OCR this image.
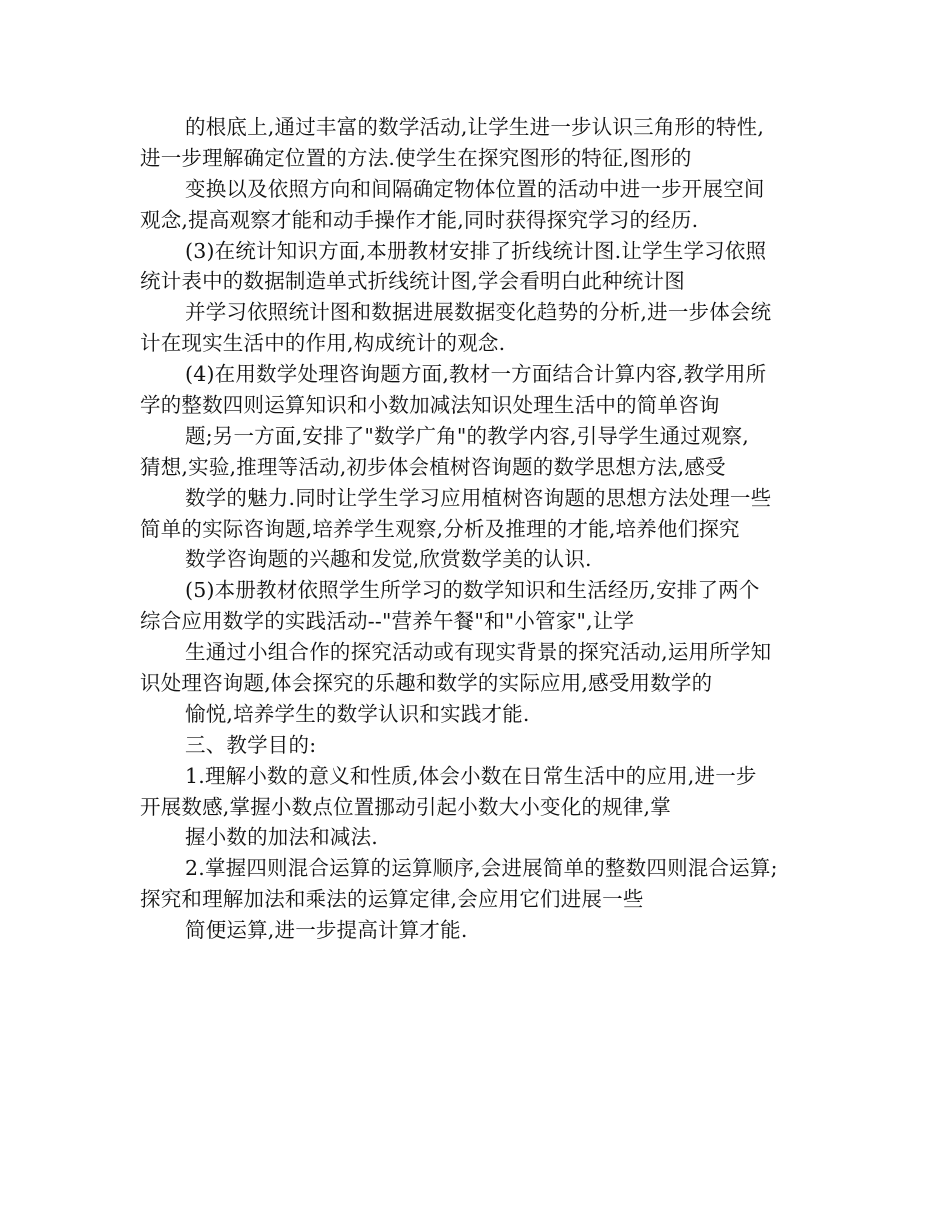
的根底上,通过丰富的数学活动,让学生进一步认识三角形的特性,
进一步理解确定位置的方法.使学生在探究图形的特征,图形的
变换以及依照方向和间隔确定物体位置的活动中进一步开展空间
观念,提高观察才能和动手操作才能,同时获得探究学习的经历.
(3)在统计知识方面,本册教材安排了折线统计图.让学生学习依照
统计表中的数据制造单式折线统计图,学会看明白此种统计图
并学习依照统计图和数据进展数据变化趋势的分析,进一步体会统
计在现实生活中的作用,构成统计的观念.
(4)在用数学处理咨询题方面,教材一方面结合计算内容,教学用所
学的整数四则运算知识和小数加减法知识处理生活中的简单咨询
题;另一方面,安排了"数学广角"的教学内容,引导学生通过观察,
猜想,实验,推理等活动,初步体会植树咨询题的数学思想方法,感受
数学的魅力.同时让学生学习应用植树咨询题的思想方法处理一些
简单的实际咨询题,培养学生观察,分析及推理的才能,培养他们探究
数学咨询题的兴趣和发觉,欣赏数学美的认识.
(5)本册教材依照学生所学习的数学知识和生活经历,安排了两个
综合应用数学的实践活动--"营养午餐"和"小管家",让学
生通过小组合作的探究活动或有现实背景的探究活动,运用所学知
识处理咨询题,体会探究的乐趣和数学的实际应用,感受用数学的
愉悦,培养学生的数学认识和实践才能.
三、教学目的:
1.理解小数的意义和性质,体会小数在日常生活中的应用,进一步
开展数感,掌握小数点位置挪动引起小数大小变化的规律,掌
握小数的加法和减法.
2.掌握四则混合运算的运算顺序,会进展简单的整数四则混合运算;
探究和理解加法和乘法的运算定律,会应用它们进展一些
简便运算,进一步提高计算才能.
